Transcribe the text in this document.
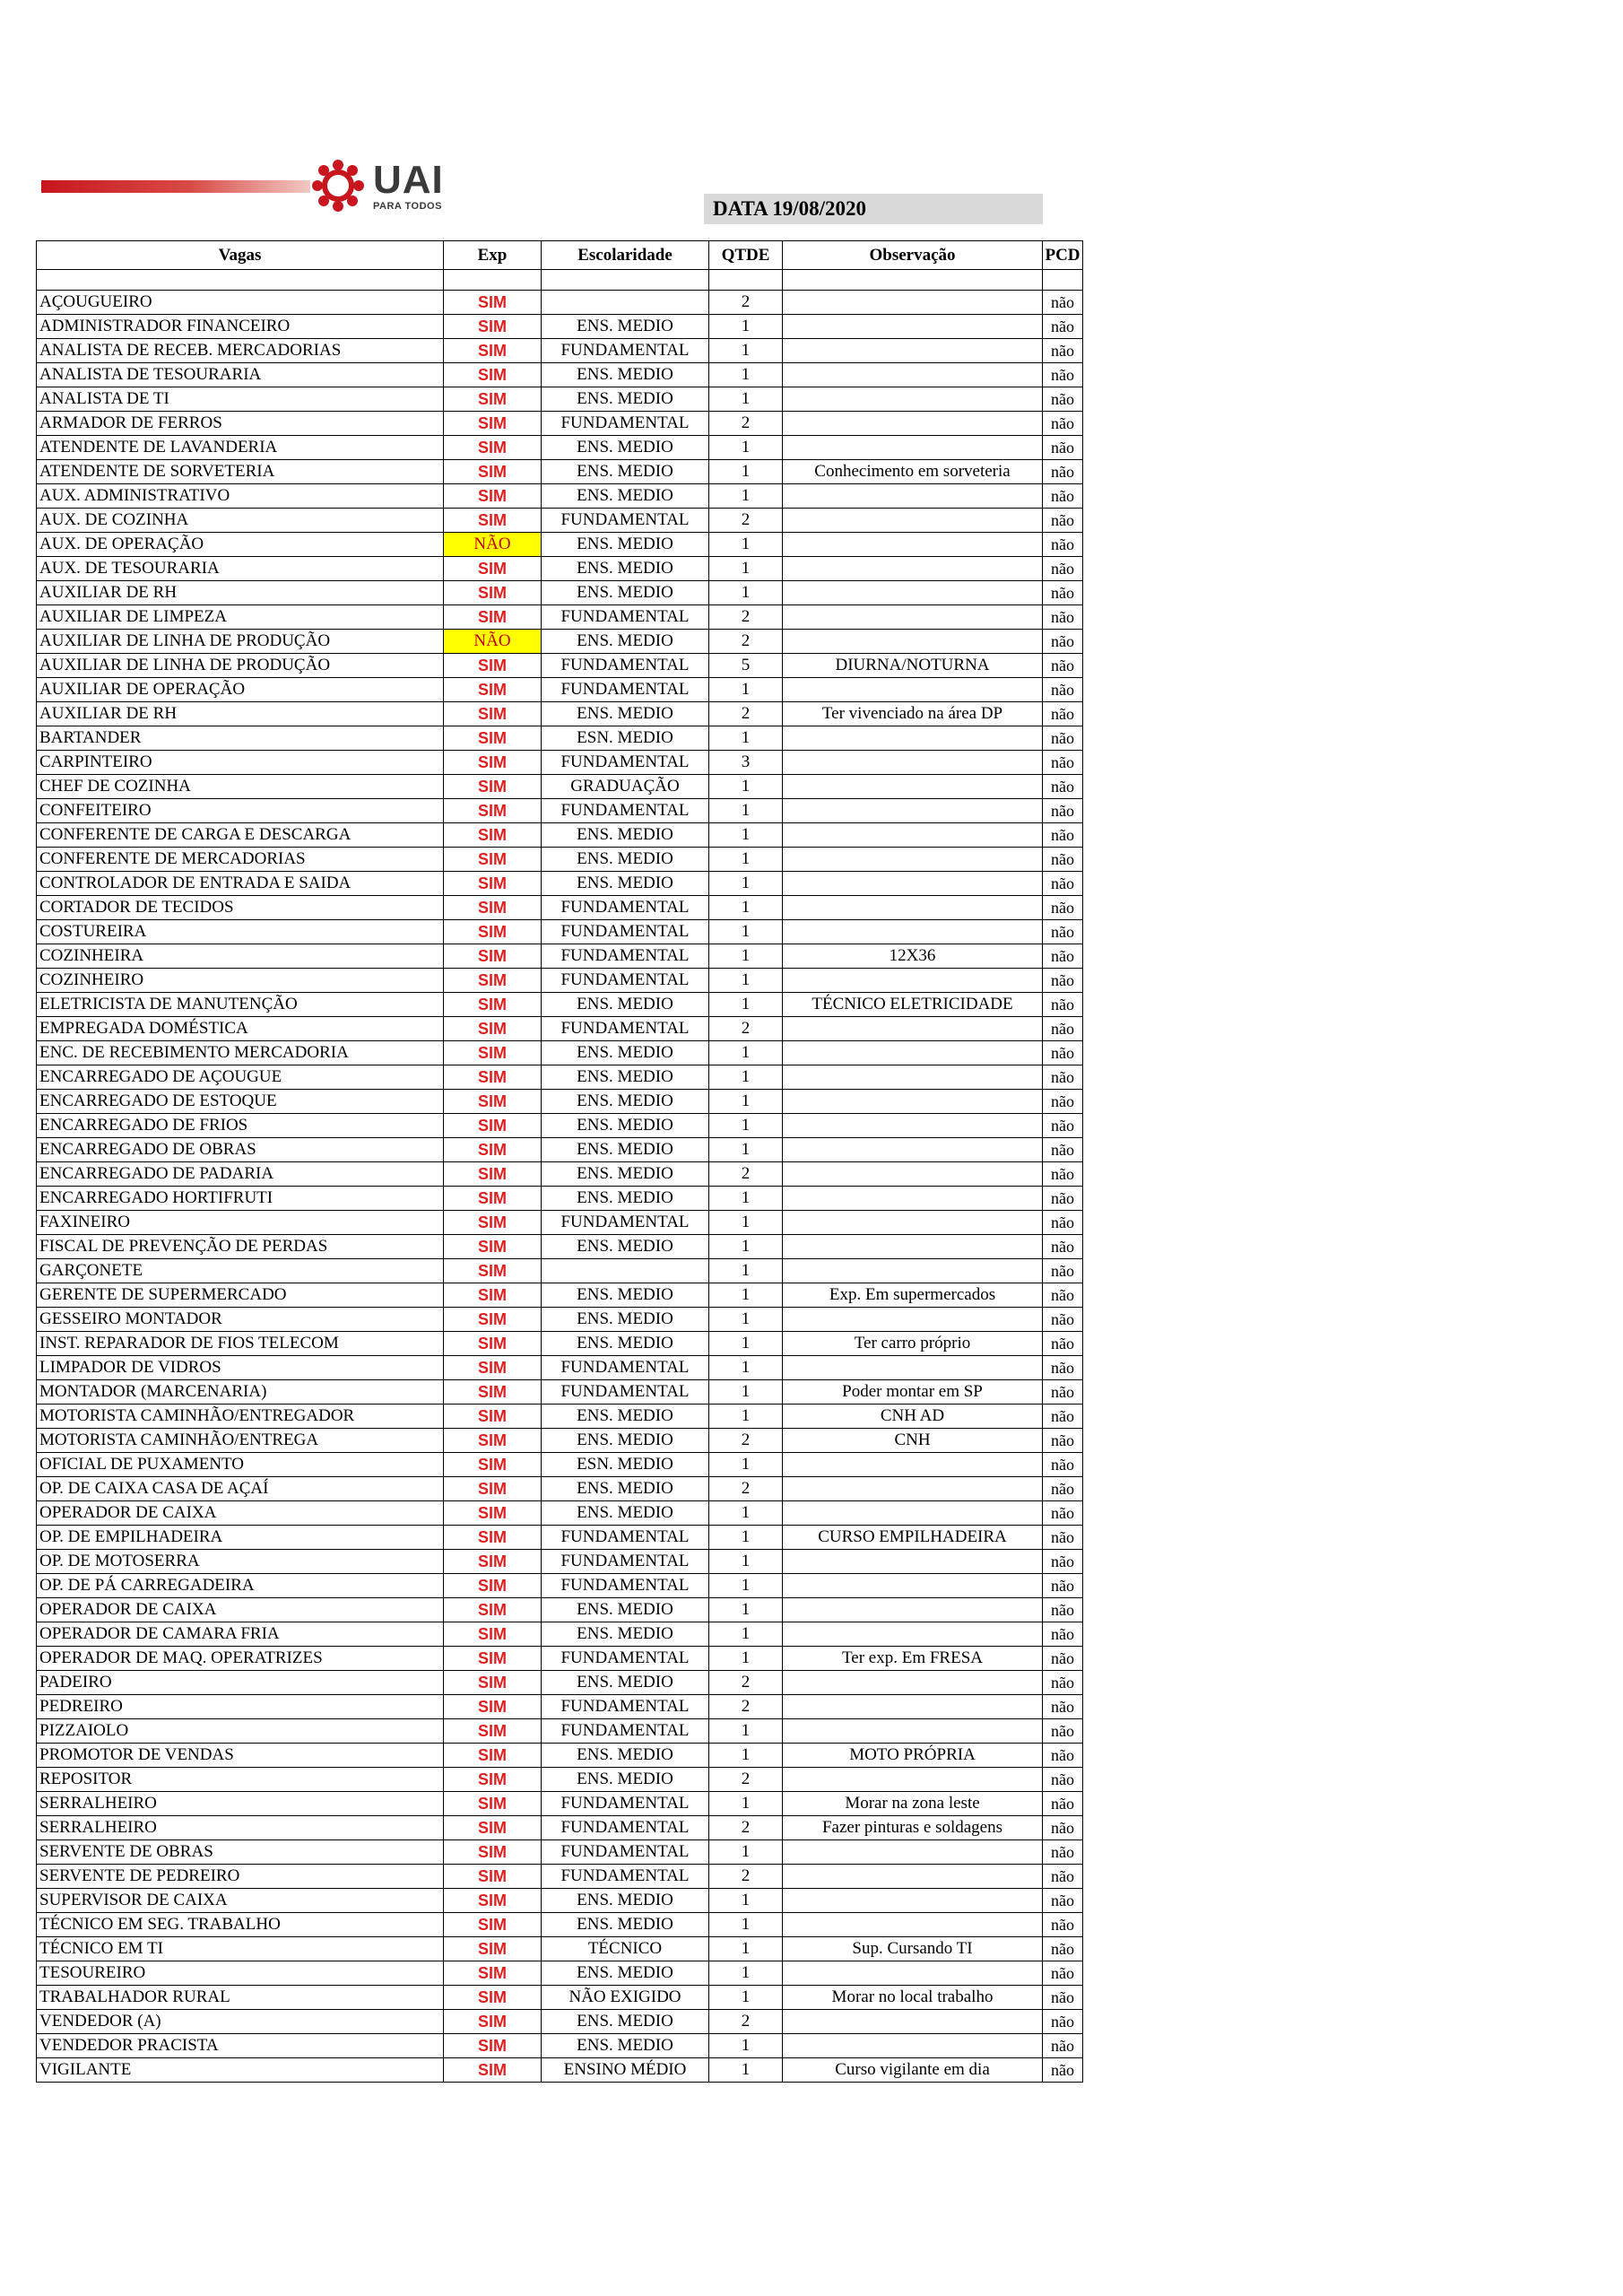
UAI
PARA TODOS	DATA 19/08/2020
Vagas	Exp	Escolaridade	QTDE	Observação	PCD

AÇOUGUEIRO	SIM		2		não
ADMINISTRADOR FINANCEIRO	SIM	ENS. MEDIO	1		não
ANALISTA DE RECEB. MERCADORIAS	SIM	FUNDAMENTAL	1		não
ANALISTA DE TESOURARIA	SIM	ENS. MEDIO	1		não
ANALISTA DE TI	SIM	ENS. MEDIO	1		não
ARMADOR DE FERROS	SIM	FUNDAMENTAL	2		não
ATENDENTE DE LAVANDERIA	SIM	ENS. MEDIO	1		não
ATENDENTE DE SORVETERIA	SIM	ENS. MEDIO	1	Conhecimento em sorveteria	não
AUX. ADMINISTRATIVO	SIM	ENS. MEDIO	1		não
AUX. DE COZINHA	SIM	FUNDAMENTAL	2		não
AUX. DE OPERAÇÃO	NÃO	ENS. MEDIO	1		não
AUX. DE TESOURARIA	SIM	ENS. MEDIO	1		não
AUXILIAR DE RH	SIM	ENS. MEDIO	1		não
AUXILIAR DE LIMPEZA	SIM	FUNDAMENTAL	2		não
AUXILIAR DE LINHA DE PRODUÇÃO	NÃO	ENS. MEDIO	2		não
AUXILIAR DE LINHA DE PRODUÇÃO	SIM	FUNDAMENTAL	5	DIURNA/NOTURNA	não
AUXILIAR DE OPERAÇÃO	SIM	FUNDAMENTAL	1		não
AUXILIAR DE RH	SIM	ENS. MEDIO	2	Ter vivenciado na área DP	não
BARTANDER	SIM	ESN. MEDIO	1		não
CARPINTEIRO	SIM	FUNDAMENTAL	3		não
CHEF DE COZINHA	SIM	GRADUAÇÃO	1		não
CONFEITEIRO	SIM	FUNDAMENTAL	1		não
CONFERENTE DE CARGA E DESCARGA	SIM	ENS. MEDIO	1		não
CONFERENTE DE MERCADORIAS	SIM	ENS. MEDIO	1		não
CONTROLADOR DE ENTRADA E SAIDA	SIM	ENS. MEDIO	1		não
CORTADOR DE TECIDOS	SIM	FUNDAMENTAL	1		não
COSTUREIRA	SIM	FUNDAMENTAL	1		não
COZINHEIRA	SIM	FUNDAMENTAL	1	12X36	não
COZINHEIRO	SIM	FUNDAMENTAL	1		não
ELETRICISTA DE MANUTENÇÃO	SIM	ENS. MEDIO	1	TÉCNICO ELETRICIDADE	não
EMPREGADA DOMÉSTICA	SIM	FUNDAMENTAL	2		não
ENC. DE RECEBIMENTO MERCADORIA	SIM	ENS. MEDIO	1		não
ENCARREGADO DE AÇOUGUE	SIM	ENS. MEDIO	1		não
ENCARREGADO DE ESTOQUE	SIM	ENS. MEDIO	1		não
ENCARREGADO DE FRIOS	SIM	ENS. MEDIO	1		não
ENCARREGADO DE OBRAS	SIM	ENS. MEDIO	1		não
ENCARREGADO DE PADARIA	SIM	ENS. MEDIO	2		não
ENCARREGADO HORTIFRUTI	SIM	ENS. MEDIO	1		não
FAXINEIRO	SIM	FUNDAMENTAL	1		não
FISCAL DE PREVENÇÃO DE PERDAS	SIM	ENS. MEDIO	1		não
GARÇONETE	SIM		1		não
GERENTE DE SUPERMERCADO	SIM	ENS. MEDIO	1	Exp. Em supermercados	não
GESSEIRO MONTADOR	SIM	ENS. MEDIO	1		não
INST. REPARADOR DE FIOS TELECOM	SIM	ENS. MEDIO	1	Ter carro próprio	não
LIMPADOR DE VIDROS	SIM	FUNDAMENTAL	1		não
MONTADOR (MARCENARIA)	SIM	FUNDAMENTAL	1	Poder montar em SP	não
MOTORISTA CAMINHÃO/ENTREGADOR	SIM	ENS. MEDIO	1	CNH AD	não
MOTORISTA CAMINHÃO/ENTREGA	SIM	ENS. MEDIO	2	CNH	não
OFICIAL DE PUXAMENTO	SIM	ESN. MEDIO	1		não
OP. DE CAIXA CASA DE AÇAÍ	SIM	ENS. MEDIO	2		não
OPERADOR DE CAIXA	SIM	ENS. MEDIO	1		não
OP. DE EMPILHADEIRA	SIM	FUNDAMENTAL	1	CURSO EMPILHADEIRA	não
OP. DE MOTOSERRA	SIM	FUNDAMENTAL	1		não
OP. DE PÁ CARREGADEIRA	SIM	FUNDAMENTAL	1		não
OPERADOR DE CAIXA	SIM	ENS. MEDIO	1		não
OPERADOR DE CAMARA FRIA	SIM	ENS. MEDIO	1		não
OPERADOR DE MAQ. OPERATRIZES	SIM	FUNDAMENTAL	1	Ter exp. Em FRESA	não
PADEIRO	SIM	ENS. MEDIO	2		não
PEDREIRO	SIM	FUNDAMENTAL	2		não
PIZZAIOLO	SIM	FUNDAMENTAL	1		não
PROMOTOR DE VENDAS	SIM	ENS. MEDIO	1	MOTO PRÓPRIA	não
REPOSITOR	SIM	ENS. MEDIO	2		não
SERRALHEIRO	SIM	FUNDAMENTAL	1	Morar na zona leste	não
SERRALHEIRO	SIM	FUNDAMENTAL	2	Fazer pinturas e soldagens	não
SERVENTE DE OBRAS	SIM	FUNDAMENTAL	1		não
SERVENTE DE PEDREIRO	SIM	FUNDAMENTAL	2		não
SUPERVISOR DE CAIXA	SIM	ENS. MEDIO	1		não
TÉCNICO EM SEG. TRABALHO	SIM	ENS. MEDIO	1		não
TÉCNICO EM TI	SIM	TÉCNICO	1	Sup. Cursando TI	não
TESOUREIRO	SIM	ENS. MEDIO	1		não
TRABALHADOR RURAL	SIM	NÃO EXIGIDO	1	Morar no local trabalho	não
VENDEDOR (A)	SIM	ENS. MEDIO	2		não
VENDEDOR PRACISTA	SIM	ENS. MEDIO	1		não
VIGILANTE	SIM	ENSINO MÉDIO	1	Curso vigilante em dia	não
